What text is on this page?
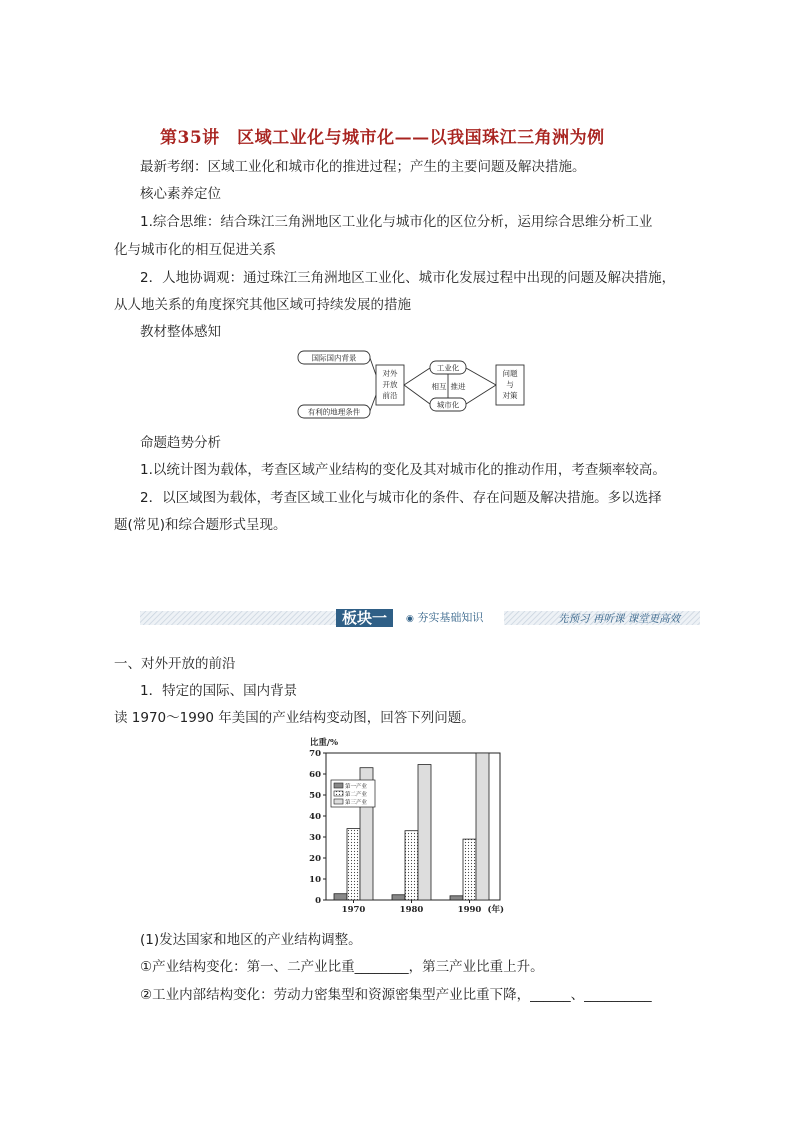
第35讲　区域工业化与城市化——以我国珠江三角洲为例
最新考纲：区域工业化和城市化的推进过程；产生的主要问题及解决措施。
核心素养定位
1.综合思维：结合珠江三角洲地区工业化与城市化的区位分析，运用综合思维分析工业
化与城市化的相互促进关系
2．人地协调观：通过珠江三角洲地区工业化、城市化发展过程中出现的问题及解决措施，
从人地关系的角度探究其他区域可持续发展的措施
教材整体感知
国际国内背景
有利的地理条件
对外
开放
前沿
工业化
城市化
相互 推进
问题
与
对策
命题趋势分析
1.以统计图为载体，考查区域产业结构的变化及其对城市化的推动作用，考查频率较高。
2．以区域图为载体，考查区域工业化与城市化的条件、存在问题及解决措施。多以选择
题(常见)和综合题形式呈现。
板块一	◉ 夯实基础知识	先预习 再听课 课堂更高效
一、对外开放的前沿
1．特定的国际、国内背景
读 1970～1990 年美国的产业结构变动图，回答下列问题。
0
10
20
30
40
50
60
70
比重/%
1970	1980	1990 (年)
第一产业
第二产业
第三产业
(1)发达国家和地区的产业结构调整。
①产业结构变化：第一、二产业比重________，第三产业比重上升。
②工业内部结构变化：劳动力密集型和资源密集型产业比重下降，______、__________
